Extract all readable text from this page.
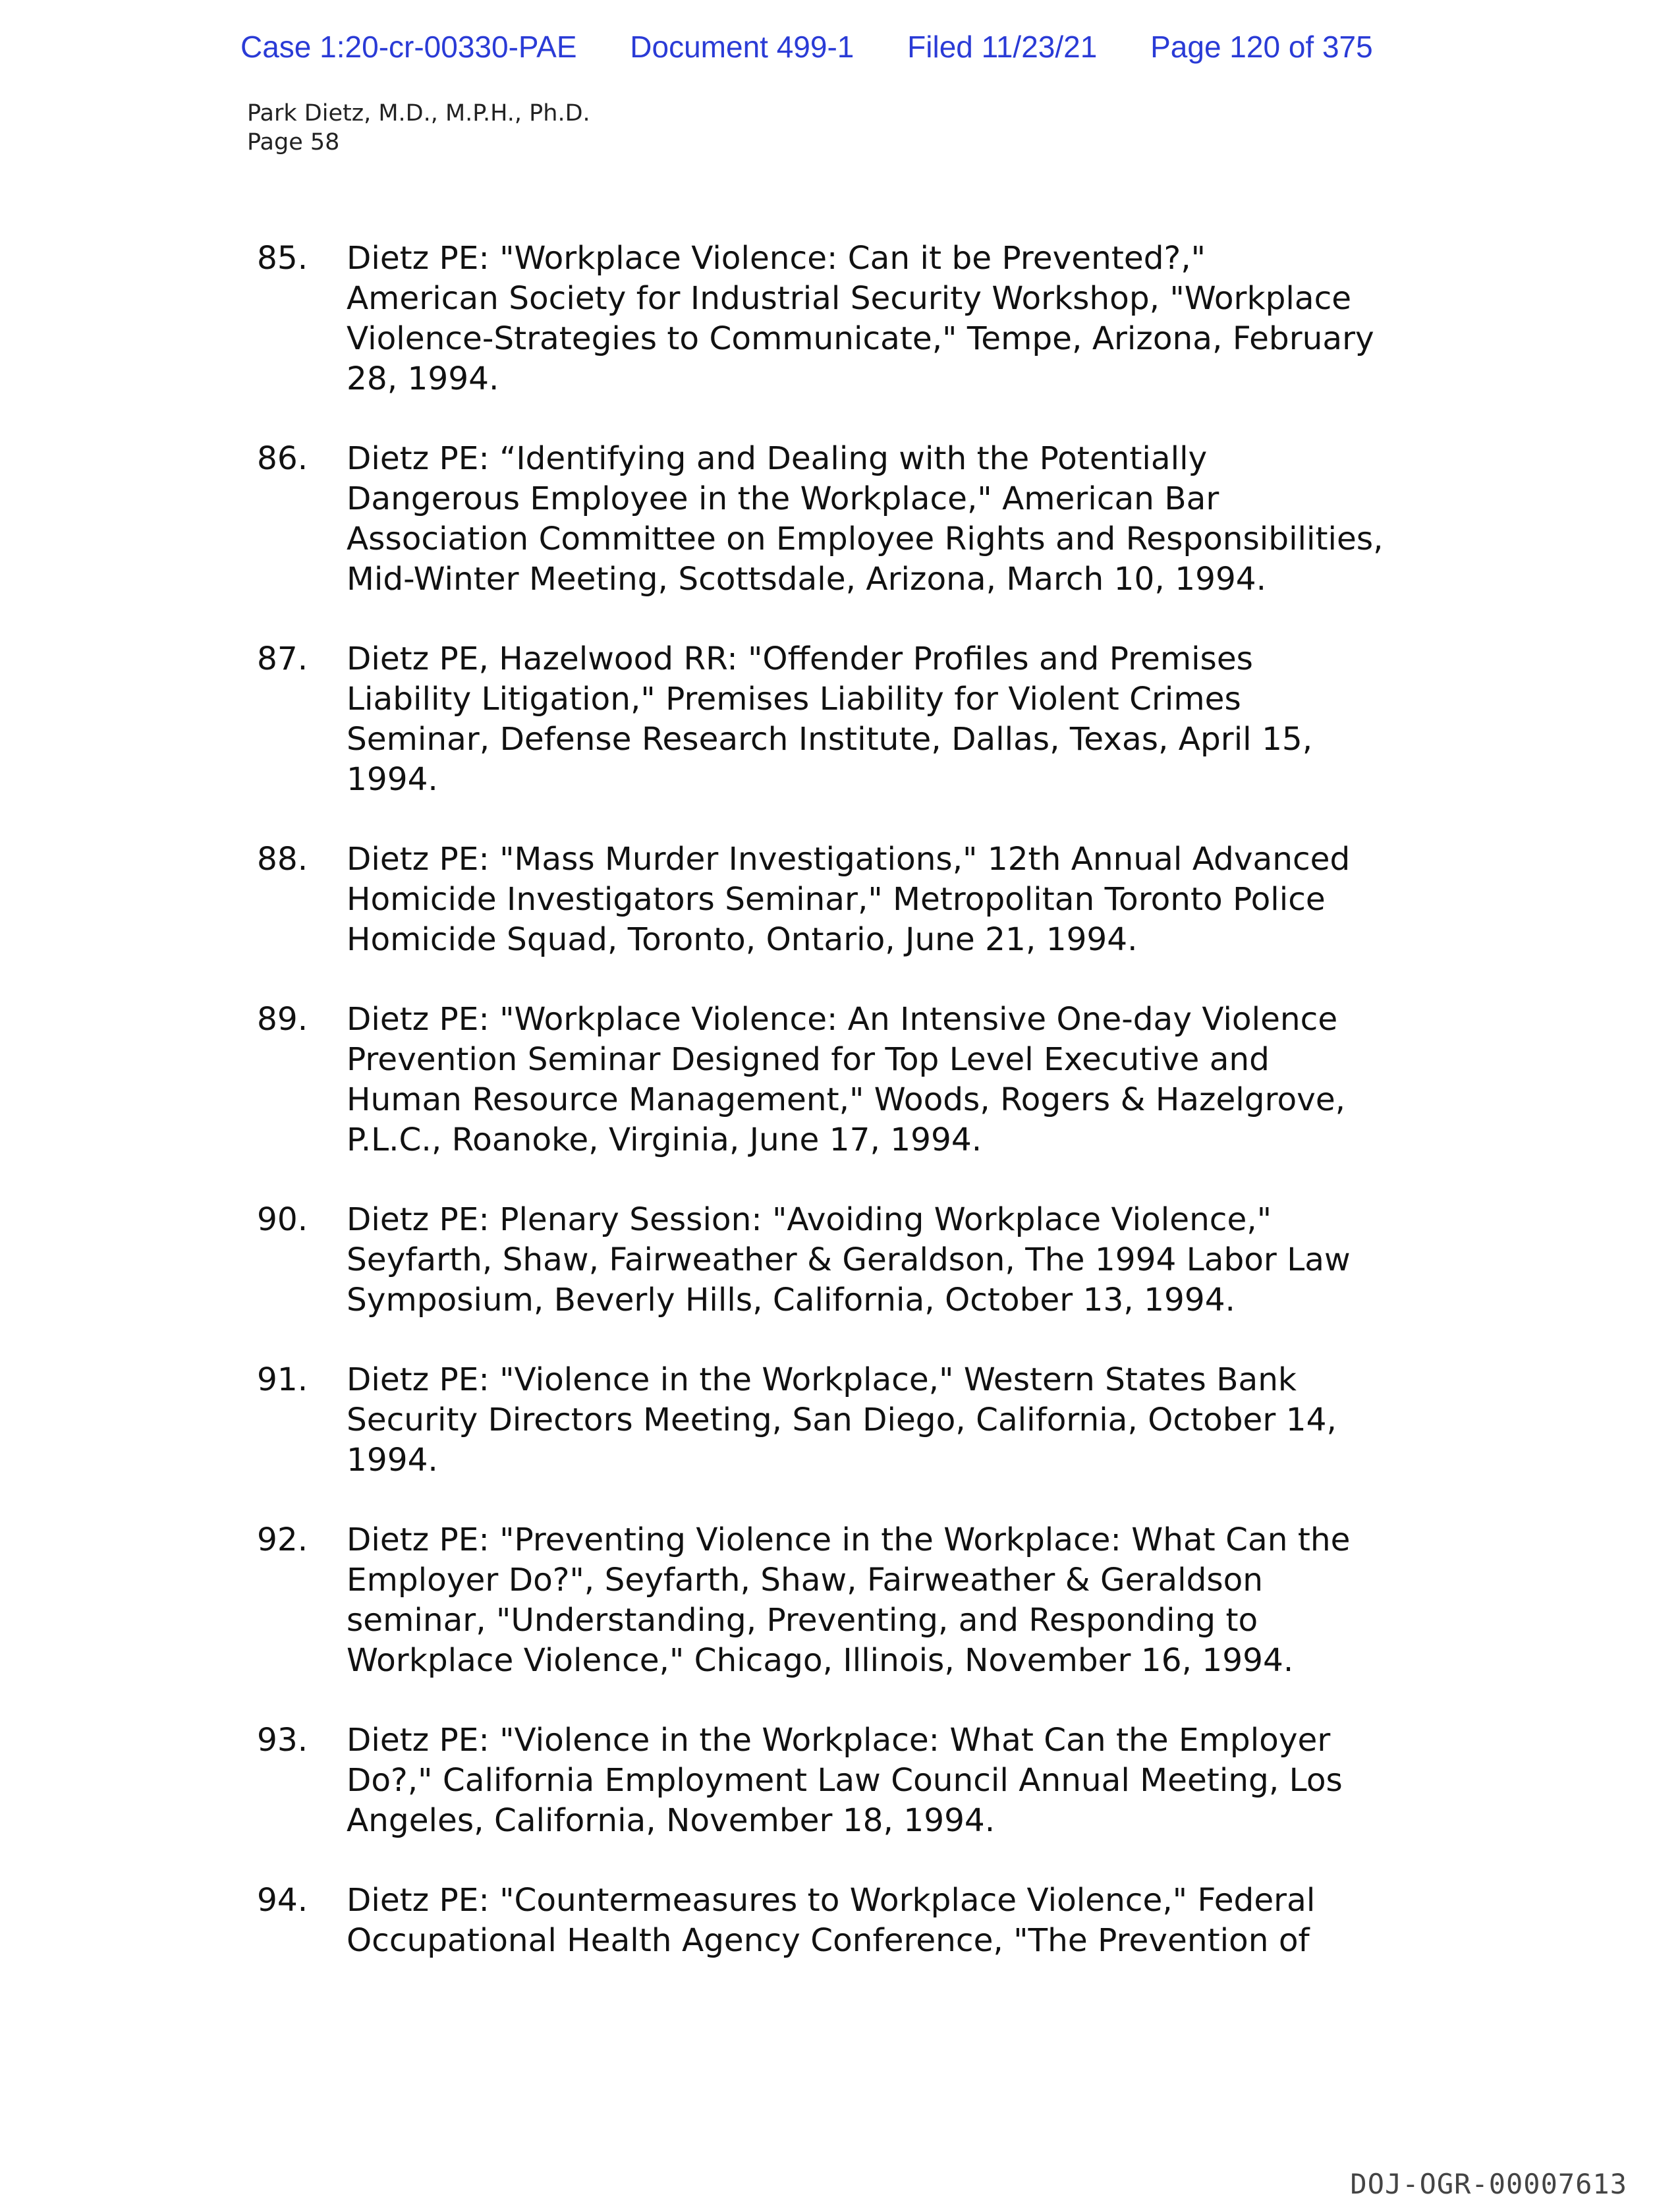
Case 1:20-cr-00330-PAE Document 499-1 Filed 11/23/21 Page 120 of 375
Park Dietz, M.D., M.P.H., Ph.D.
Page 58
85.	Dietz PE: "Workplace Violence: Can it be Prevented?,"
American Society for Industrial Security Workshop, "Workplace
Violence-Strategies to Communicate," Tempe, Arizona, February
28, 1994.
86.	Dietz PE: “Identifying and Dealing with the Potentially
Dangerous Employee in the Workplace," American Bar
Association Committee on Employee Rights and Responsibilities,
Mid-Winter Meeting, Scottsdale, Arizona, March 10, 1994.
87.	Dietz PE, Hazelwood RR: "Offender Profiles and Premises
Liability Litigation," Premises Liability for Violent Crimes
Seminar, Defense Research Institute, Dallas, Texas, April 15,
1994.
88.	Dietz PE: "Mass Murder Investigations," 12th Annual Advanced
Homicide Investigators Seminar," Metropolitan Toronto Police
Homicide Squad, Toronto, Ontario, June 21, 1994.
89.	Dietz PE: "Workplace Violence: An Intensive One-day Violence
Prevention Seminar Designed for Top Level Executive and
Human Resource Management," Woods, Rogers & Hazelgrove,
P.L.C., Roanoke, Virginia, June 17, 1994.
90.	Dietz PE: Plenary Session: "Avoiding Workplace Violence,"
Seyfarth, Shaw, Fairweather & Geraldson, The 1994 Labor Law
Symposium, Beverly Hills, California, October 13, 1994.
91.	Dietz PE: "Violence in the Workplace," Western States Bank
Security Directors Meeting, San Diego, California, October 14,
1994.
92.	Dietz PE: "Preventing Violence in the Workplace: What Can the
Employer Do?", Seyfarth, Shaw, Fairweather & Geraldson
seminar, "Understanding, Preventing, and Responding to
Workplace Violence," Chicago, Illinois, November 16, 1994.
93.	Dietz PE: "Violence in the Workplace: What Can the Employer
Do?," California Employment Law Council Annual Meeting, Los
Angeles, California, November 18, 1994.
94.	Dietz PE: "Countermeasures to Workplace Violence," Federal
Occupational Health Agency Conference, "The Prevention of
DOJ-OGR-00007613
